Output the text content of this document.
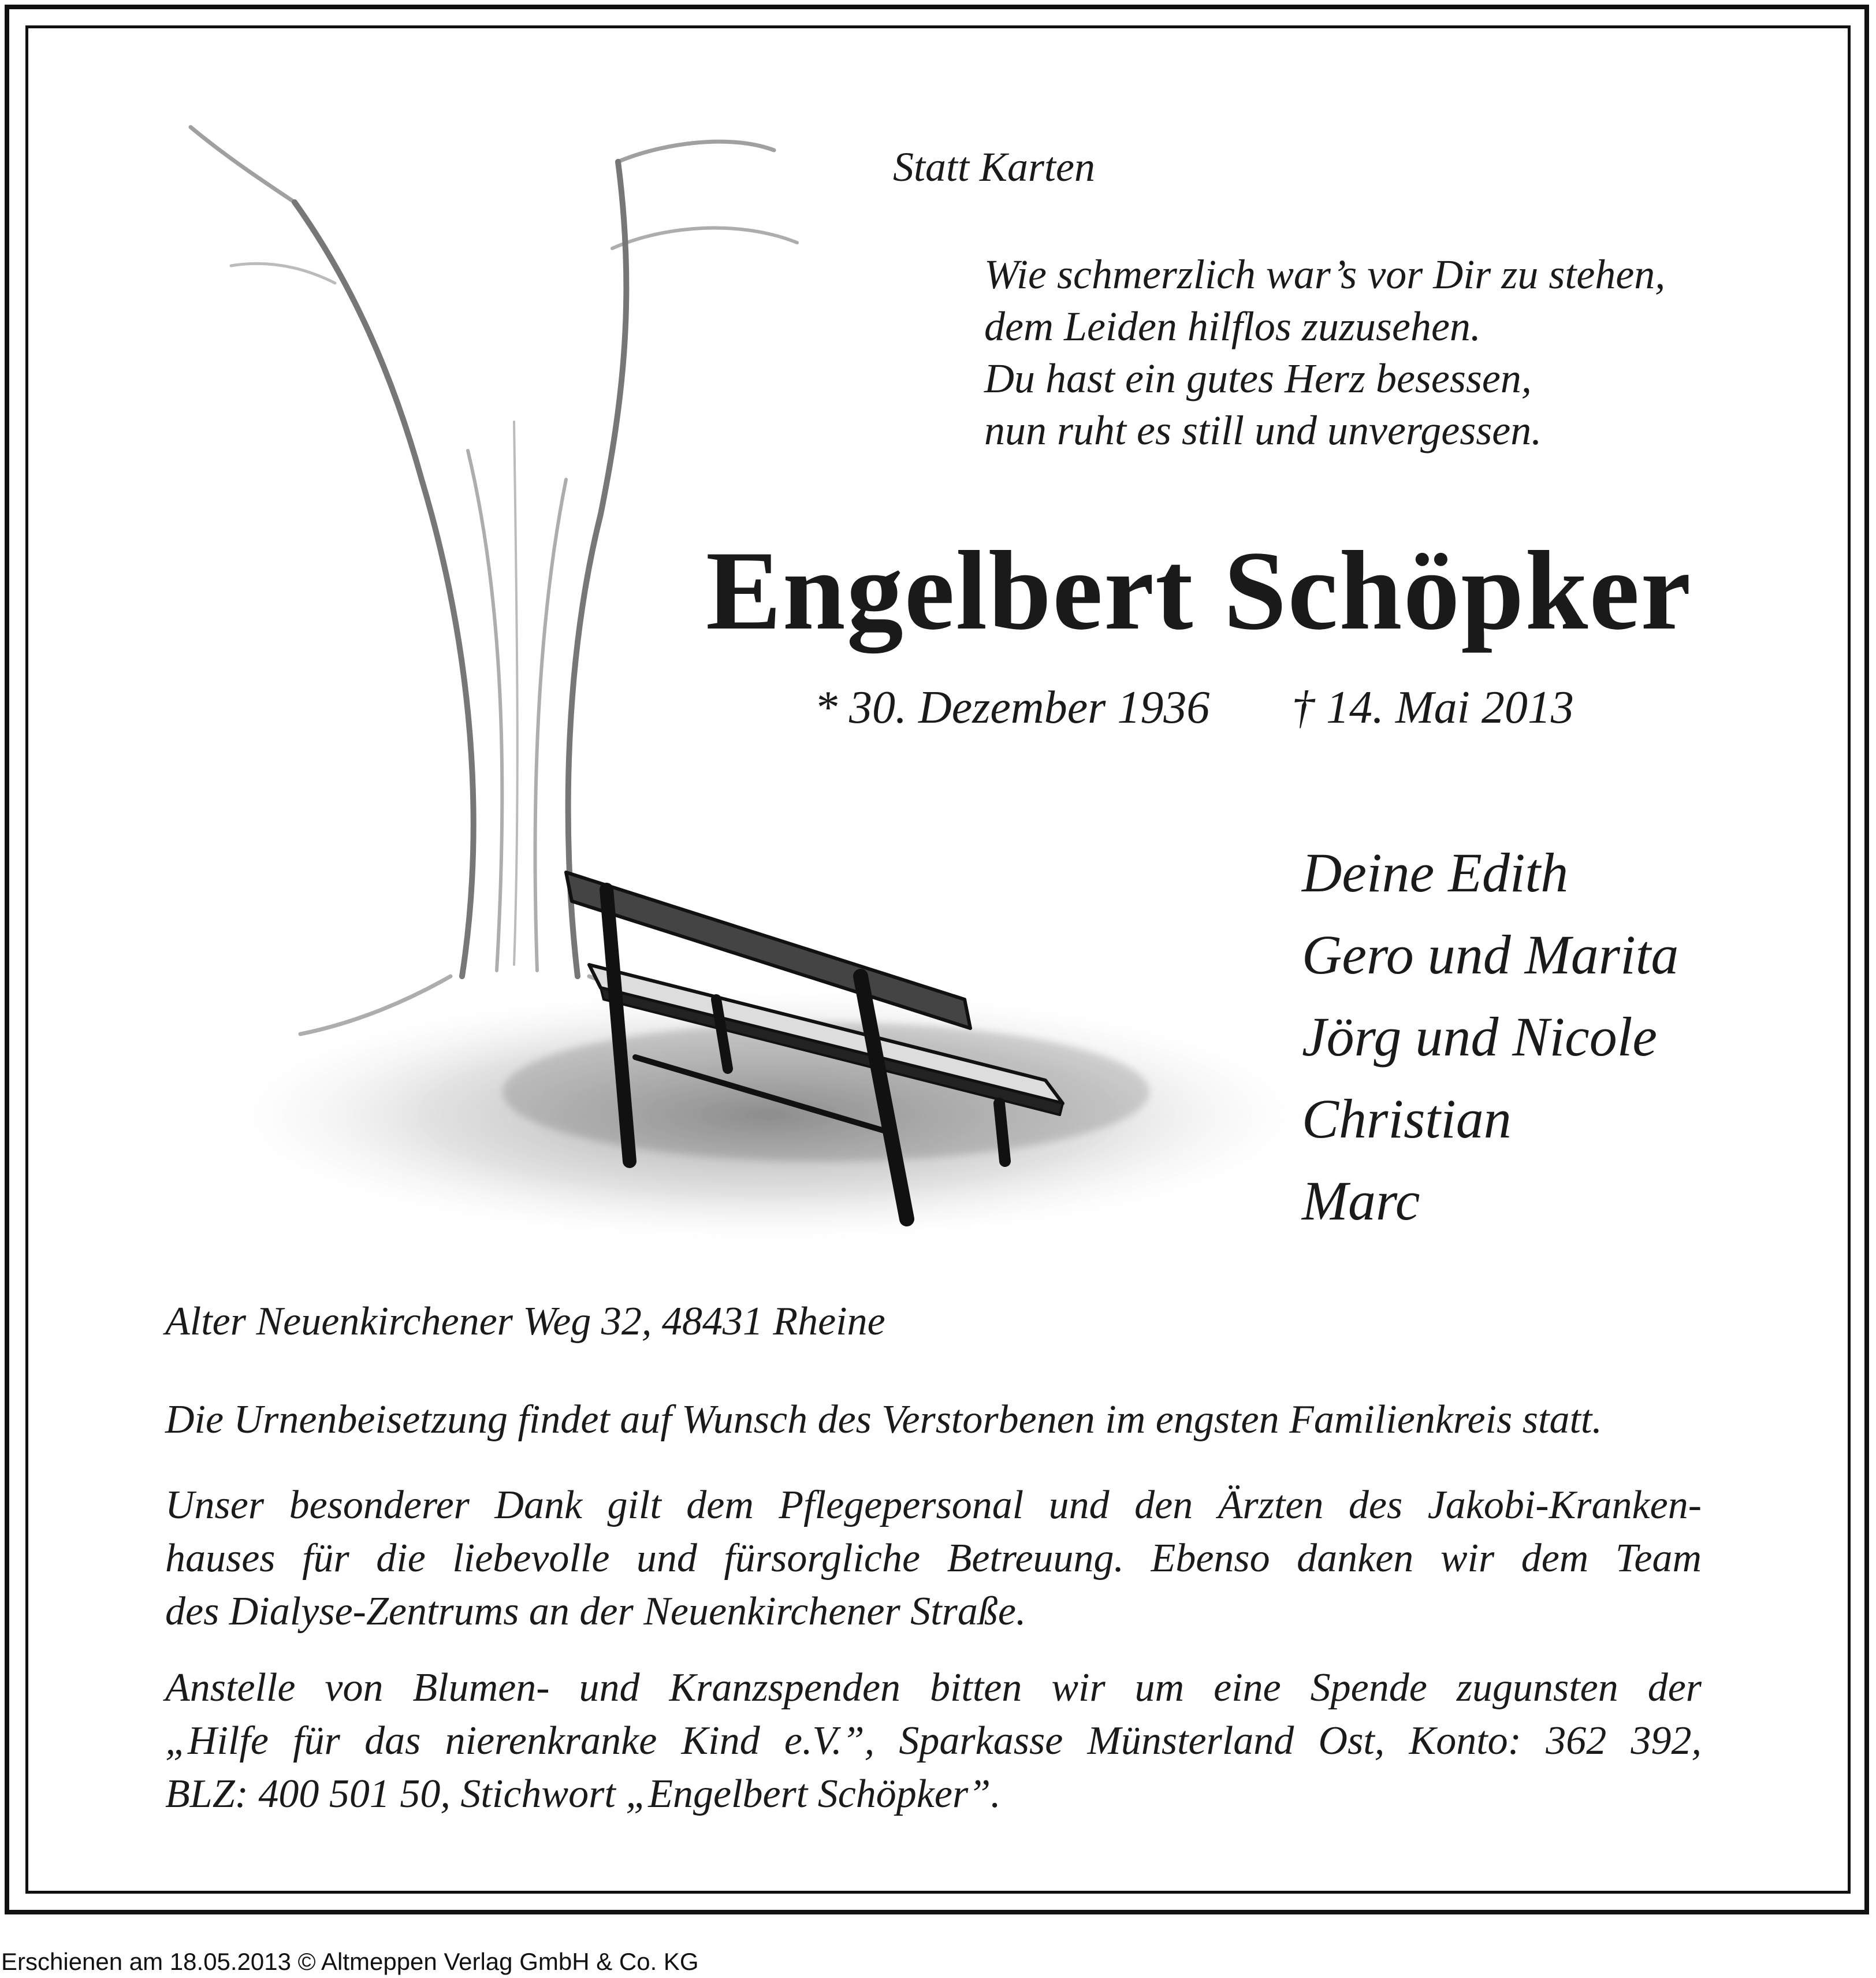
Statt Karten

Wie schmerzlich war’s vor Dir zu stehen,
dem Leiden hilflos zuzusehen.
Du hast ein gutes Herz besessen,
nun ruht es still und unvergessen.
Engelbert Schöpker

* 30. Dezember 1936 † 14. Mai 2013

Deine Edith
Gero und Marita
Jörg und Nicole
Christian
Marc

Alter Neuenkirchener Weg 32, 48431 Rheine

Die Urnenbeisetzung findet auf Wunsch des Verstorbenen im engsten Familienkreis statt.
Unser besonderer Dank gilt dem Pflegepersonal und den Ärzten des Jakobi-Kranken-
hauses für die liebevolle und fürsorgliche Betreuung. Ebenso danken wir dem Team
des Dialyse-Zentrums an der Neuenkirchener Straße.
Anstelle von Blumen- und Kranzspenden bitten wir um eine Spende zugunsten der
„Hilfe für das nierenkranke Kind e.V.”, Sparkasse Münsterland Ost, Konto: 362 392,
BLZ: 400 501 50, Stichwort „Engelbert Schöpker”.
Erschienen am 18.05.2013 © Altmeppen Verlag GmbH & Co. KG
